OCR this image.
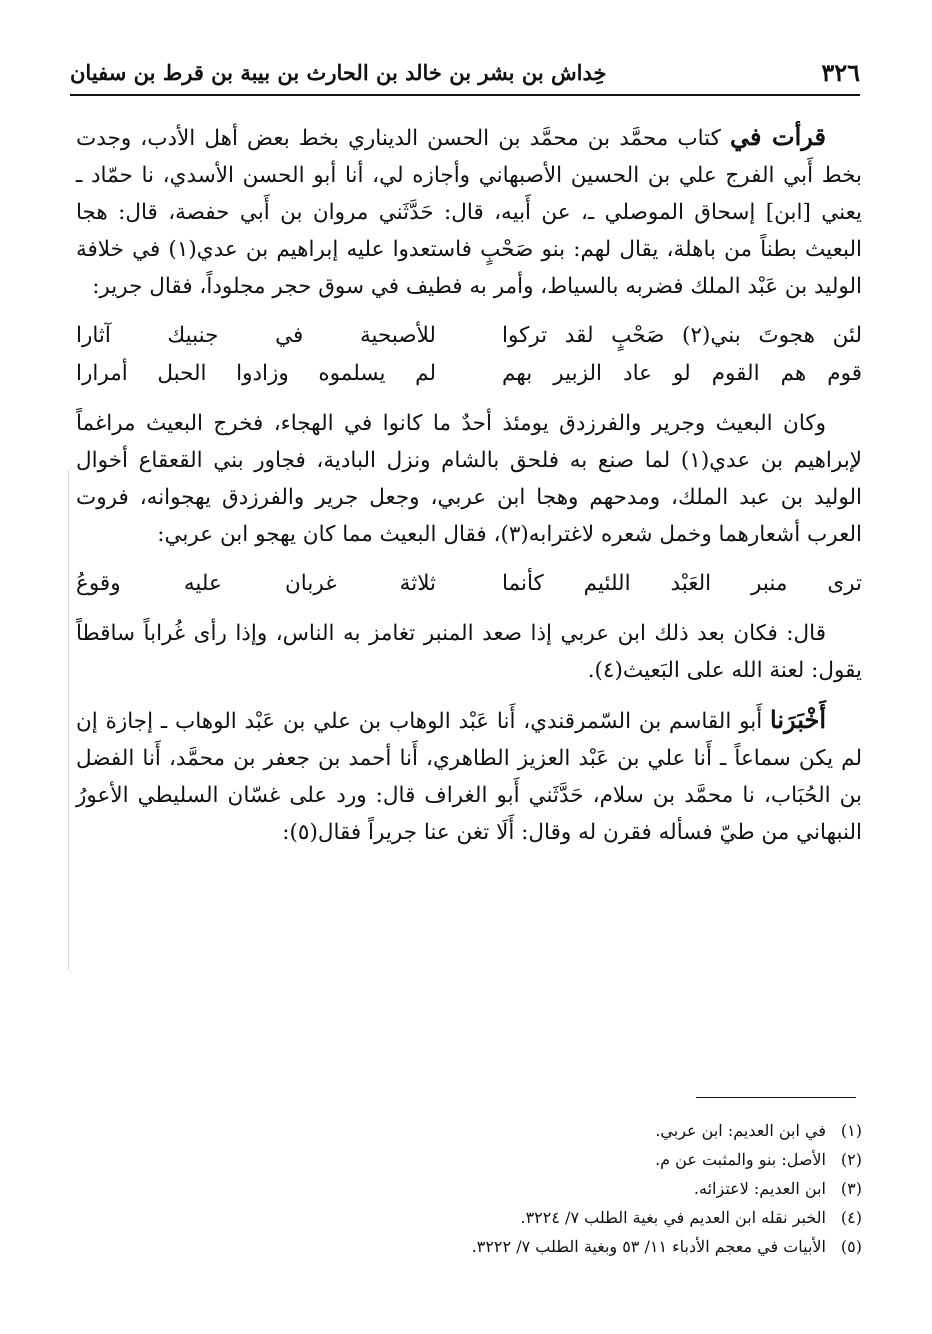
٣٢٦
خِداش بن بشر بن خالد بن الحارث بن بيبة بن قرط بن سفيان

قرأت في كتاب محمَّد بن محمَّد بن الحسن الديناري بخط بعض أهل الأدب، وجدت بخط أَبي الفرج علي بن الحسين الأصبهاني وأجازه لي، أنا أبو الحسن الأسدي، نا حمّاد ـ يعني [ابن] إسحاق الموصلي ـ، عن أَبيه، قال: حَدَّثَني مروان بن أَبي حفصة، قال: هجا البعيث بطناً من باهلة، يقال لهم: بنو صَحْبٍ فاستعدوا عليه إبراهيم بن عدي(١) في خلافة الوليد بن عَبْد الملك فضربه بالسياط، وأمر به فطيف في سوق حجر مجلوداً، فقال جرير:

لئن هجوتَ بني(٢) صَحْبٍ لقد تركوا
للأصبحية في جنبيك آثارا
قوم هم القوم لو عاد الزبير بهم
لم يسلموه وزادوا الحبل أمرارا

وكان البعيث وجرير والفرزدق يومئذ أحدٌ ما كانوا في الهجاء، فخرج البعيث مراغماً لإبراهيم بن عدي(١) لما صنع به فلحق بالشام ونزل البادية، فجاور بني القعقاع أخوال الوليد بن عبد الملك، ومدحهم وهجا ابن عربي، وجعل جرير والفرزدق يهجوانه، فروت العرب أشعارهما وخمل شعره لاغترابه(٣)، فقال البعيث مما كان يهجو ابن عربي:

ترى منبر العَبْد اللئيم كأنما
ثلاثة غربان عليه وقوعُ

قال: فكان بعد ذلك ابن عربي إذا صعد المنبر تغامز به الناس، وإذا رأى غُراباً ساقطاً يقول: لعنة الله على البَعيث(٤).

أَخْبَرَنا أَبو القاسم بن السّمرقندي، أَنا عَبْد الوهاب بن علي بن عَبْد الوهاب ـ إجازة إن لم يكن سماعاً ـ أَنا علي بن عَبْد العزيز الطاهري، أَنا أحمد بن جعفر بن محمَّد، أَنا الفضل بن الحُبَاب، نا محمَّد بن سلام، حَدَّثَني أَبو الغراف قال: ورد على غسّان السليطي الأعورُ النبهاني من طيّ فسأله فقرن له وقال: أَلَا تغن عنا جريراً فقال(٥):

(١)
في ابن العديم: ابن عربي.
(٢)
الأصل: بنو والمثبت عن م.
(٣)
ابن العديم: لاعتزائه.
(٤)
الخبر نقله ابن العديم في بغية الطلب ٧/ ٣٢٢٤.
(٥)
الأبيات في معجم الأدباء ١١/ ٥٣ وبغية الطلب ٧/ ٣٢٢٢.
